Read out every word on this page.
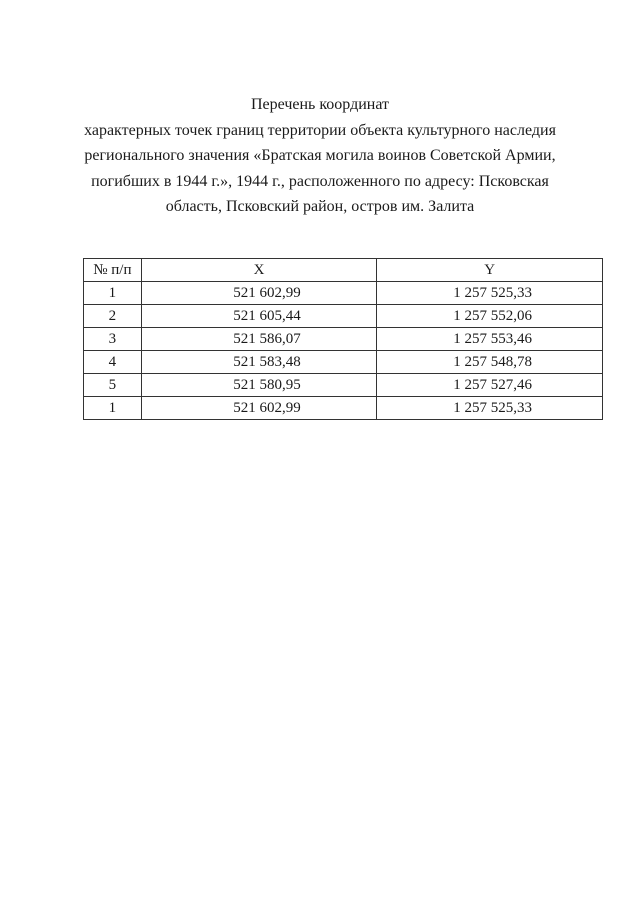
Перечень координат
характерных точек границ территории объекта культурного наследия
регионального значения «Братская могила воинов Советской Армии,
погибших в 1944 г.», 1944 г., расположенного по адресу: Псковская
область, Псковский район, остров им. Залита
№ п/п	X	Y
1	521 602,99	1 257 525,33
2	521 605,44	1 257 552,06
3	521 586,07	1 257 553,46
4	521 583,48	1 257 548,78
5	521 580,95	1 257 527,46
1	521 602,99	1 257 525,33
